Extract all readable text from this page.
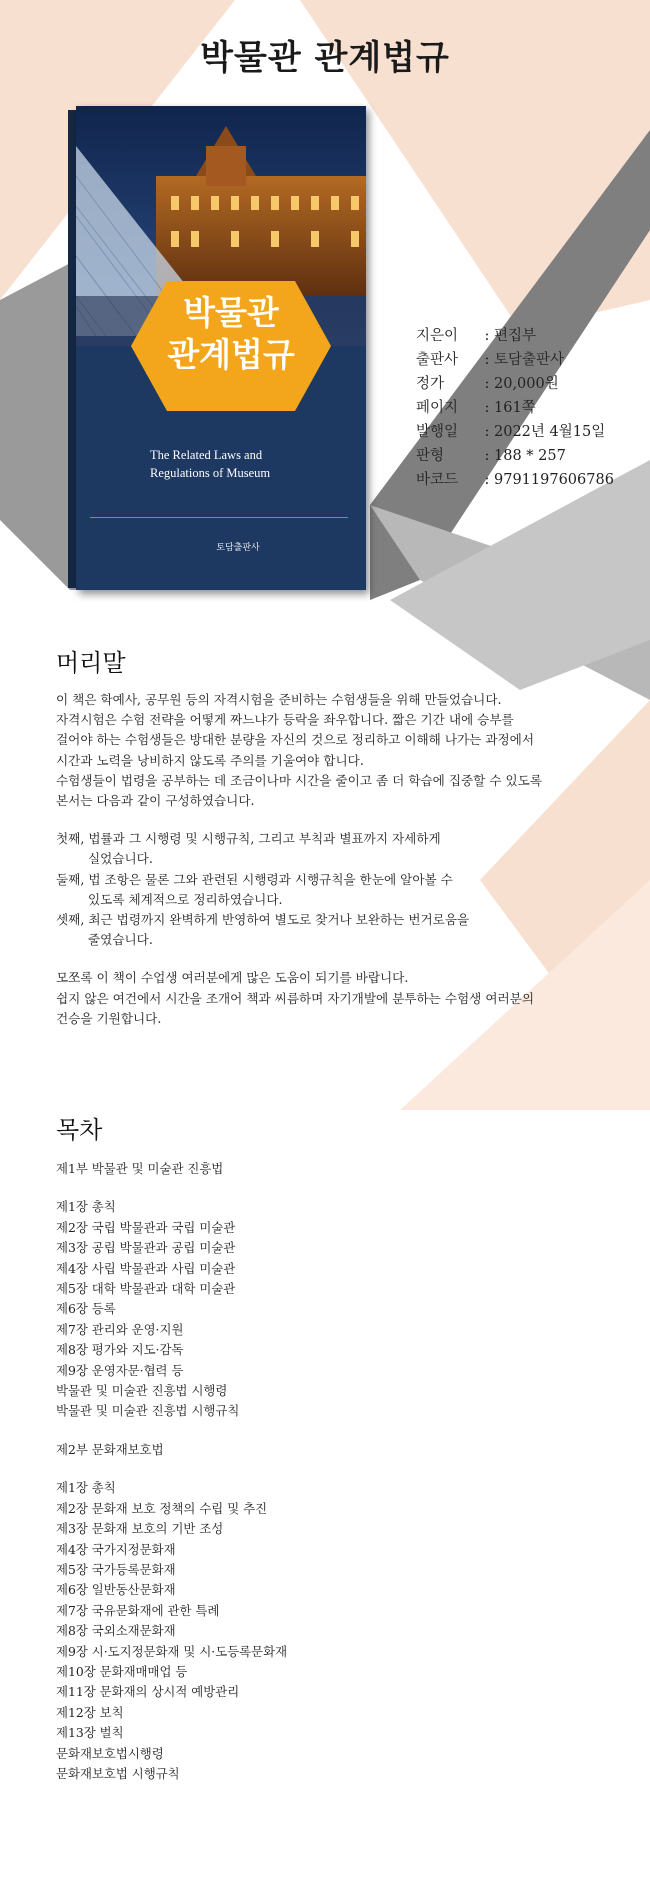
박물관 관계법규
박물관
관계법규
The Related Laws and
Regulations of Museum
토담출판사
지은이	: 편집부
출판사	: 토담출판사
정가	: 20,000원
페이지	: 161쪽
발행일	: 2022년 4월15일
판형	: 188 * 257
바코드	: 9791197606786
머리말

이 책은 학예사, 공무원 등의 자격시험을 준비하는 수험생들을 위해 만들었습니다.

자격시험은 수험 전략을 어떻게 짜느냐가 등락을 좌우합니다. 짧은 기간 내에 승부를

걸어야 하는 수험생들은 방대한 분량을 자신의 것으로 정리하고 이해해 나가는 과정에서

시간과 노력을 낭비하지 않도록 주의를 기울여야 합니다.

수험생들이 법령을 공부하는 데 조금이나마 시간을 줄이고 좀 더 학습에 집중할 수 있도록

본서는 다음과 같이 구성하였습니다.

첫째, 법률과 그 시행령 및 시행규칙, 그리고 부칙과 별표까지 자세하게

실었습니다.

둘째, 법 조항은 물론 그와 관련된 시행령과 시행규칙을 한눈에 알아볼 수

있도록 체계적으로 정리하였습니다.

셋째, 최근 법령까지 완벽하게 반영하여 별도로 찾거나 보완하는 번거로움을

줄였습니다.

모쪼록 이 책이 수업생 여러분에게 많은 도움이 되기를 바랍니다.

쉽지 않은 여건에서 시간을 조개어 책과 씨름하며 자기개발에 분투하는 수험생 여러분의

건승을 기원합니다.

목차
제1부 박물관 및 미술관 진흥법
제1장 총칙
제2장 국립 박물관과 국립 미술관
제3장 공립 박물관과 공립 미술관
제4장 사립 박물관과 사립 미술관
제5장 대학 박물관과 대학 미술관
제6장 등록
제7장 관리와 운영·지원
제8장 평가와 지도·감독
제9장 운영자문·협력 등
박물관 및 미술관 진흥법 시행령
박물관 및 미술관 진흥법 시행규칙
제2부 문화재보호법
제1장 총칙
제2장 문화재 보호 정책의 수립 및 추진
제3장 문화재 보호의 기반 조성
제4장 국가지정문화재
제5장 국가등록문화재
제6장 일반동산문화재
제7장 국유문화재에 관한 특례
제8장 국외소재문화재
제9장 시·도지정문화재 및 시·도등록문화재
제10장 문화재매매업 등
제11장 문화재의 상시적 예방관리
제12장 보칙
제13장 벌칙
문화재보호법시행령
문화재보호법 시행규칙
